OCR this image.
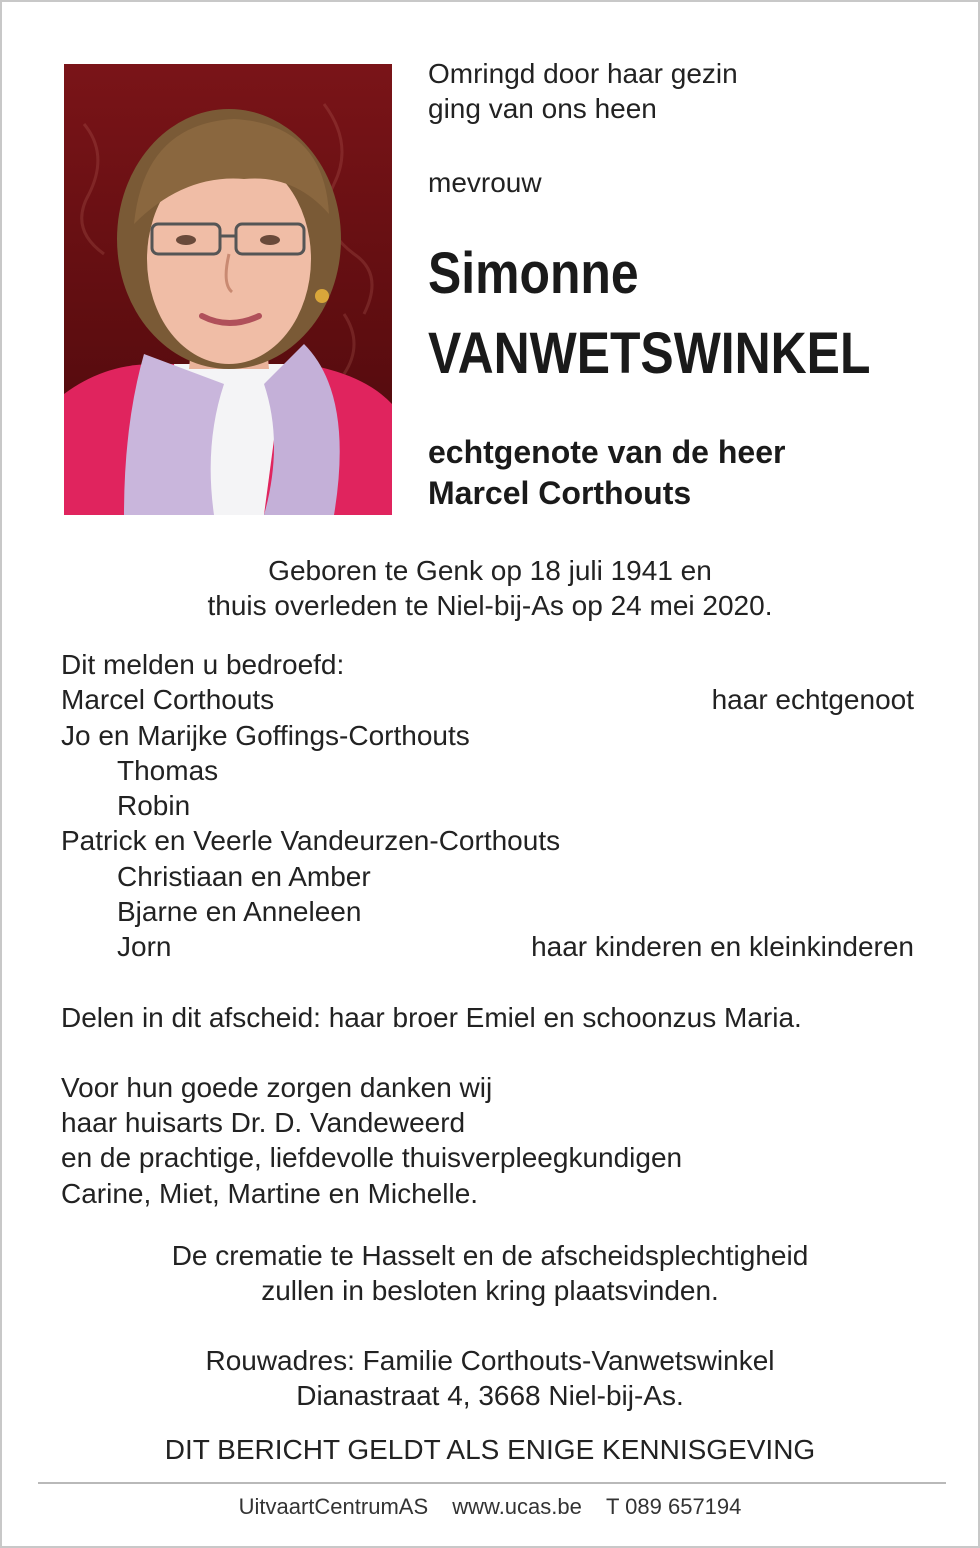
Omringd door haar gezin
ging van ons heen
mevrouw
Simonne
VANWETSWINKEL
echtgenote van de heer
Marcel Corthouts
Geboren te Genk op 18 juli 1941 en
thuis overleden te Niel-bij-As op 24 mei 2020.
Dit melden u bedroefd:
Marcel Corthouts	haar echtgenoot
Jo en Marijke Goffings-Corthouts
Thomas
Robin
Patrick en Veerle Vandeurzen-Corthouts
Christiaan en Amber
Bjarne en Anneleen
Jorn	haar kinderen en kleinkinderen
Delen in dit afscheid: haar broer Emiel en schoonzus Maria.
Voor hun goede zorgen danken wij
haar huisarts Dr. D. Vandeweerd
en de prachtige, liefdevolle thuisverpleegkundigen
Carine, Miet, Martine en Michelle.
De crematie te Hasselt en de afscheidsplechtigheid
zullen in besloten kring plaatsvinden.
Rouwadres: Familie Corthouts-Vanwetswinkel
Dianastraat 4, 3668 Niel-bij-As.
DIT BERICHT GELDT ALS ENIGE KENNISGEVING
UitvaartCentrumAS www.ucas.be T 089 657194
